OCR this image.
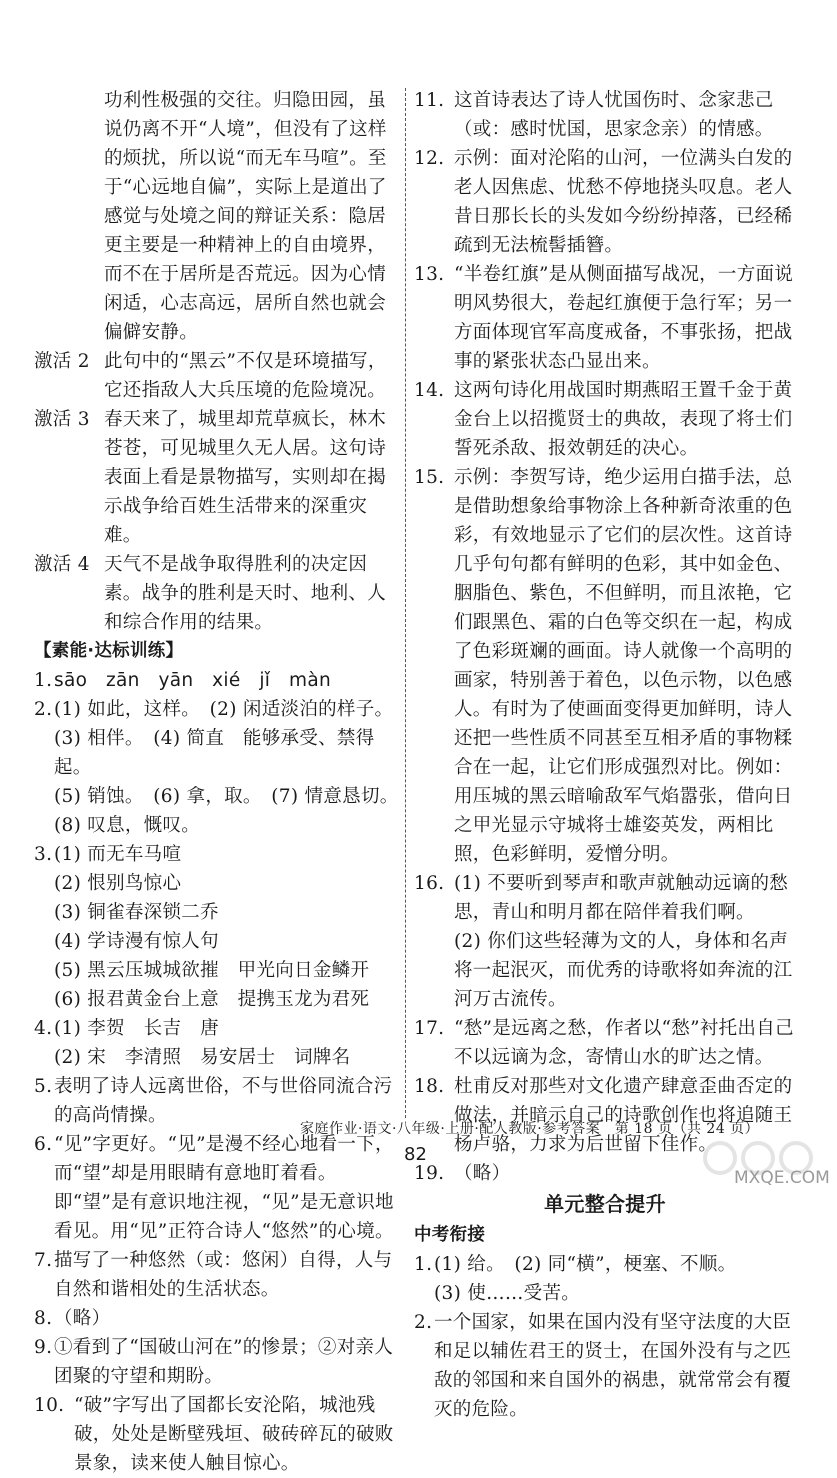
功利性极强的交往。归隐田园，虽说仍离不开“人境”，但没有了这样的烦扰，所以说“而无车马喧”。至于“心远地自偏”，实际上是道出了感觉与处境之间的辩证关系：隐居更主要是一种精神上的自由境界，而不在于居所是否荒远。因为心情闲适，心志高远，居所自然也就会偏僻安静。
激活 2 此句中的“黑云”不仅是环境描写，它还指敌人大兵压境的危险境况。
激活 3 春天来了，城里却荒草疯长，林木苍苍，可见城里久无人居。这句诗表面上看是景物描写，实则却在揭示战争给百姓生活带来的深重灾难。
激活 4 天气不是战争取得胜利的决定因素。战争的胜利是天时、地利、人和综合作用的结果。
【素能·达标训练】
1. sāo　zān　yān　xié　jǐ　màn
2. (1) 如此，这样。　(2) 闲适淡泊的样子。
(3) 相伴。　(4) 简直　能够承受、禁得起。
(5) 销蚀。　(6) 拿，取。　(7) 情意恳切。
(8) 叹息，慨叹。
3. (1) 而无车马喧
(2) 恨别鸟惊心
(3) 铜雀春深锁二乔
(4) 学诗漫有惊人句
(5) 黑云压城城欲摧　甲光向日金鳞开
(6) 报君黄金台上意　提携玉龙为君死
4. (1) 李贺　长吉　唐
(2) 宋　李清照　易安居士　词牌名
5. 表明了诗人远离世俗，不与世俗同流合污的高尚情操。
6. “见”字更好。“见”是漫不经心地看一下，而“望”却是用眼睛有意地盯着看。即“望”是有意识地注视，“见”是无意识地看见。用“见”正符合诗人“悠然”的心境。
7. 描写了一种悠然（或：悠闲）自得，人与自然和谐相处的生活状态。
8. （略）
9. ①看到了“国破山河在”的惨景；②对亲人团聚的守望和期盼。
10. “破”字写出了国都长安沦陷，城池残破，处处是断壁残垣、破砖碎瓦的破败景象，读来使人触目惊心。
11. 这首诗表达了诗人忧国伤时、念家悲己（或：感时忧国，思家念亲）的情感。
12. 示例：面对沦陷的山河，一位满头白发的老人因焦虑、忧愁不停地挠头叹息。老人昔日那长长的头发如今纷纷掉落，已经稀疏到无法梳髻插簪。
13. “半卷红旗”是从侧面描写战况，一方面说明风势很大，卷起红旗便于急行军；另一方面体现官军高度戒备，不事张扬，把战事的紧张状态凸显出来。
14. 这两句诗化用战国时期燕昭王置千金于黄金台上以招揽贤士的典故，表现了将士们誓死杀敌、报效朝廷的决心。
15. 示例：李贺写诗，绝少运用白描手法，总是借助想象给事物涂上各种新奇浓重的色彩，有效地显示了它们的层次性。这首诗几乎句句都有鲜明的色彩，其中如金色、胭脂色、紫色，不但鲜明，而且浓艳，它们跟黑色、霜的白色等交织在一起，构成了色彩斑斓的画面。诗人就像一个高明的画家，特别善于着色，以色示物，以色感人。有时为了使画面变得更加鲜明，诗人还把一些性质不同甚至互相矛盾的事物糅合在一起，让它们形成强烈对比。例如：用压城的黑云暗喻敌军气焰嚣张，借向日之甲光显示守城将士雄姿英发，两相比照，色彩鲜明，爱憎分明。
16. (1) 不要听到琴声和歌声就触动远谪的愁思，青山和明月都在陪伴着我们啊。
(2) 你们这些轻薄为文的人，身体和名声将一起泯灭，而优秀的诗歌将如奔流的江河万古流传。
17. “愁”是远离之愁，作者以“愁”衬托出自己不以远谪为念，寄情山水的旷达之情。
18. 杜甫反对那些对文化遗产肆意歪曲否定的做法，并暗示自己的诗歌创作也将追随王杨卢骆，力求为后世留下佳作。
19. （略）
单元整合提升
中考衔接
1. (1) 给。　(2) 同“横”，梗塞、不顺。
(3) 使……受苦。
2. 一个国家，如果在国内没有坚守法度的大臣和足以辅佐君王的贤士，在国外没有与之匹敌的邻国和来自国外的祸患，就常常会有覆灭的危险。
家庭作业·语文·八年级·上册·配人教版·参考答案　第 18 页（共 24 页）
82
MXQE.COM
